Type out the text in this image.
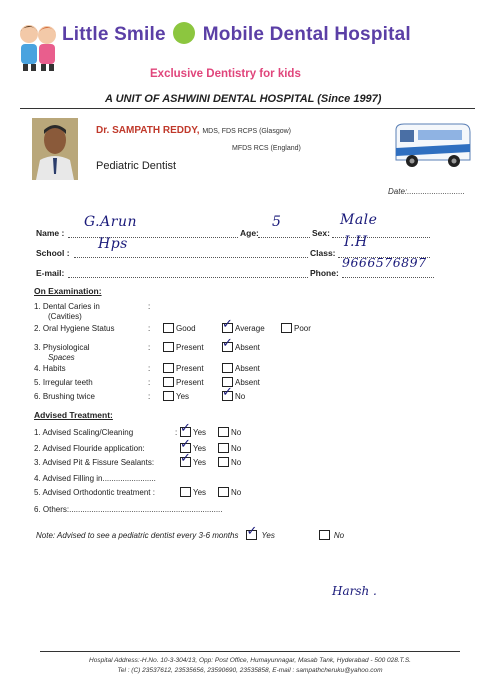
Little Smile Mobile Dental Hospital
Exclusive Dentistry for kids
A UNIT OF ASHWINI DENTAL HOSPITAL (Since 1997)
Dr. SAMPATH REDDY, MDS, FDS RCPS (Glasgow)
MFDS RCS (England)
Pediatric Dentist
Date:..........................
Name :
G.Arun
Age:
5
Sex:
Male
School :
Hps
Class:
I.H
E-mail:	Phone:
9666576897
On Examination:
1. Dental Caries in
(Cavities)
:
2. Oral Hygiene Status	:	Good ✓ Average	Poor
3. Physiological
Spaces
:	Present ✓ Absent
4. Habits	:	Present	Absent
5. Irregular teeth	:	Present	Absent
6. Brushing twice	:	Yes	✓ No
Advised Treatment:
1. Advised Scaling/Cleaning	: ✓ Yes	No
2. Advised Flouride application:	✓ Yes	No
3. Advised Pit & Fissure Sealants: ✓ Yes	No
4. Advised Filling in........................
5. Advised Orthodontic treatment :	Yes	No
6. Others:.....................................................................
Note: Advised to see a pediatric dentist every 3-6 months ✓ Yes	No
Harsh .
Hospital Address:-H.No. 10-3-304/13, Opp: Post Office, Humayunnagar, Masab Tank, Hyderabad - 500 028.T.S.
Tel : (C) 23537612, 23535656, 23590690, 23535858, E-mail : sampathcheruku@yahoo.com
